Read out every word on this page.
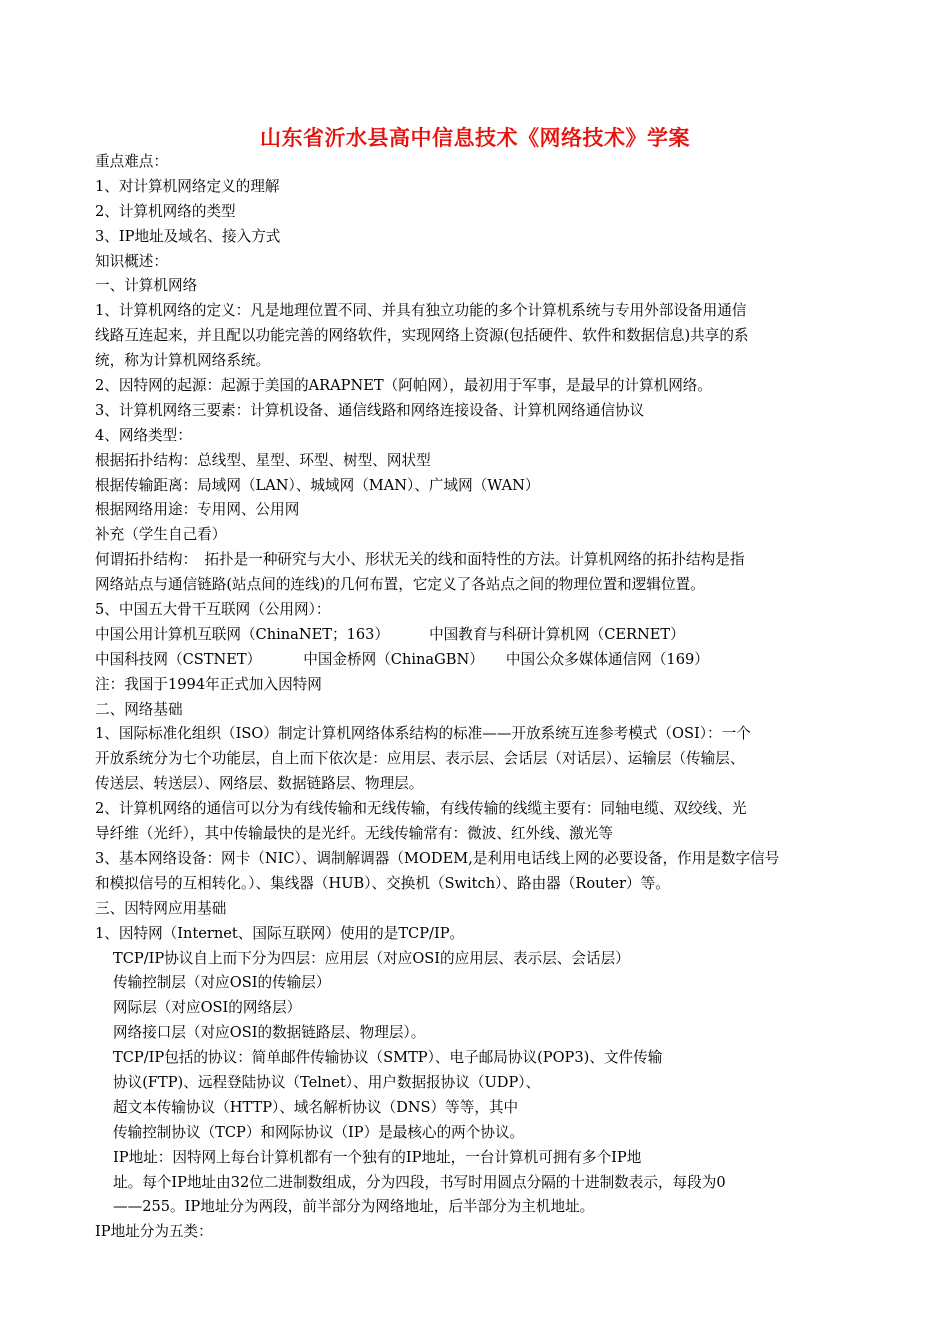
山东省沂水县高中信息技术《网络技术》学案
重点难点：
1、对计算机网络定义的理解
2、计算机网络的类型
3、IP地址及域名、接入方式
知识概述：
一、计算机网络
1、计算机网络的定义：凡是地理位置不同、并具有独立功能的多个计算机系统与专用外部设备用通信
线路互连起来，并且配以功能完善的网络软件，实现网络上资源(包括硬件、软件和数据信息)共享的系
统，称为计算机网络系统。
2、因特网的起源：起源于美国的ARAPNET（阿帕网），最初用于军事，是最早的计算机网络。
3、计算机网络三要素：计算机设备、通信线路和网络连接设备、计算机网络通信协议
4、网络类型：
根据拓扑结构：总线型、星型、环型、树型、网状型
根据传输距离：局域网（LAN）、城域网（MAN）、广域网（WAN）
根据网络用途：专用网、公用网
补充（学生自己看）
何谓拓扑结构：　拓扑是一种研究与大小、形状无关的线和面特性的方法。计算机网络的拓扑结构是指
网络站点与通信链路(站点间的连线)的几何布置，它定义了各站点之间的物理位置和逻辑位置。
5、中国五大骨干互联网（公用网）：
中国公用计算机互联网（ChinaNET；163）	中国教育与科研计算机网（CERNET）
中国科技网（CSTNET）	中国金桥网（ChinaGBN） 中国公众多媒体通信网（169）
注：我国于1994年正式加入因特网
二、网络基础
1、国际标准化组织（ISO）制定计算机网络体系结构的标准——开放系统互连参考模式（OSI）：一个
开放系统分为七个功能层，自上而下依次是：应用层、表示层、会话层（对话层）、运输层（传输层、
传送层、转送层）、网络层、数据链路层、物理层。
2、计算机网络的通信可以分为有线传输和无线传输，有线传输的线缆主要有：同轴电缆、双绞线、光
导纤维（光纤），其中传输最快的是光纤。无线传输常有：微波、红外线、激光等
3、基本网络设备：网卡（NIC）、调制解调器（MODEM,是利用电话线上网的必要设备，作用是数字信号
和模拟信号的互相转化。）、集线器（HUB）、交换机（Switch）、路由器（Router）等。
三、因特网应用基础
1、因特网（Internet、国际互联网）使用的是TCP/IP。
TCP/IP协议自上而下分为四层：应用层（对应OSI的应用层、表示层、会话层）
传输控制层（对应OSI的传输层）
网际层（对应OSI的网络层）
网络接口层（对应OSI的数据链路层、物理层）。
TCP/IP包括的协议：简单邮件传输协议（SMTP）、电子邮局协议(POP3)、文件传输
协议(FTP)、远程登陆协议（Telnet）、用户数据报协议（UDP）、
超文本传输协议（HTTP）、域名解析协议（DNS）等等，其中
传输控制协议（TCP）和网际协议（IP）是最核心的两个协议。
IP地址：因特网上每台计算机都有一个独有的IP地址，一台计算机可拥有多个IP地
址。每个IP地址由32位二进制数组成，分为四段，书写时用圆点分隔的十进制数表示，每段为0
——255。IP地址分为两段，前半部分为网络地址，后半部分为主机地址。
IP地址分为五类：
